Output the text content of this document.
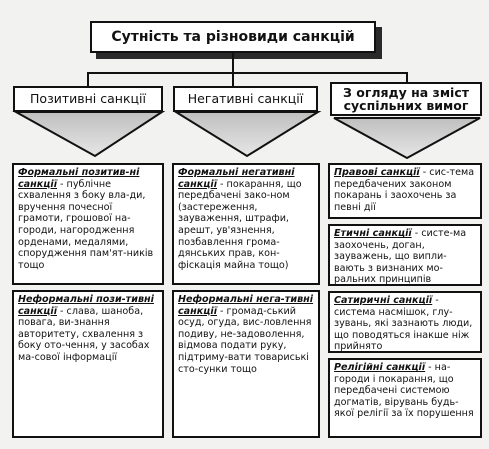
Сутність та різновиди санкцій
Позитивні санкції	Негативні санкції	З огляду на зміст суспільних вимог
Формальні позитив-ні санкції - публічне схвалення з боку вла-ди, вручення почесної грамоти, грошової на-городи, нагородження орденами, медалями, спорудження пам'ят-ників тощо
Неформальні пози-тивні санкції - слава, шаноба, повага, ви-знання авторитету, схвалення з боку ото-чення, у засобах ма-сової інформації
Формальні негативні санкції - покарання, що передбачені зако-ном (застереження, зауваження, штрафи, арешт, ув'язнення, позбавлення грома-дянських прав, кон-фіскація майна тощо)
Неформальні нега-тивні санкції - громад-ський осуд, огуда, вис-ловлення подиву, не-задоволення, відмова подати руку, підтриму-вати товариські сто-сунки тощо
Правові санкції - сис-тема передбачених законом покарань і заохочень за певні дії
Етичні санкції - систе-ма заохочень, доган, зауважень, що випли-вають з визнаних мо-ральних принципів
Сатиричні санкції - система насмішок, глу-зувань, які зазнають люди, що поводяться інакше ніж прийнято
Релігійні санкції - на-городи і покарання, що передбачені системою догматів, вірувань будь-якої релігії за їх порушення
